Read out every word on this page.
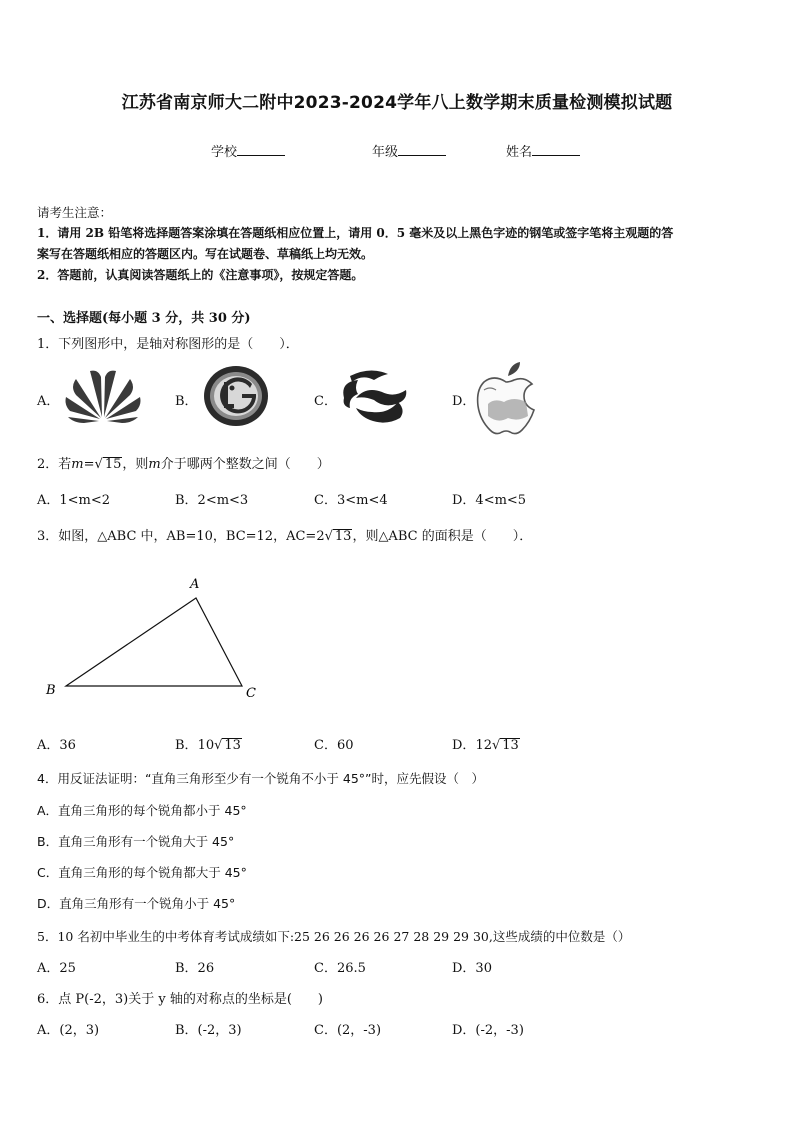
江苏省南京师大二附中2023-2024学年八上数学期末质量检测模拟试题
学校	年级	姓名
请考生注意：
1．请用 2B 铅笔将选择题答案涂填在答题纸相应位置上，请用 0．5 毫米及以上黑色字迹的钢笔或签字笔将主观题的答
案写在答题纸相应的答题区内。写在试题卷、草稿纸上均无效。
2．答题前，认真阅读答题纸上的《注意事项》，按规定答题。
一、选择题(每小题 3 分，共 30 分)
1．下列图形中，是轴对称图形的是（　　）．
A．	B．	C．	D．
2．若m=√ 15，则m介于哪两个整数之间（　　）
A．1<m<2	B．2<m<3	C．3<m<4	D．4<m<5
3．如图，△ABC 中，AB=10，BC=12，AC=2√ 13，则△ABC 的面积是（　　）．
A
B	C
A．36	B．10√ 13	C．60	D．12√ 13
4．用反证法证明：“直角三角形至少有一个锐角不小于 45°”时，应先假设（　）
A．直角三角形的每个锐角都小于 45°
B．直角三角形有一个锐角大于 45°
C．直角三角形的每个锐角都大于 45°
D．直角三角形有一个锐角小于 45°
5．10 名初中毕业生的中考体育考试成绩如下:25 26 26 26 26 27 28 29 29 30,这些成绩的中位数是（）
A．25	B．26	C．26.5	D．30
6．点 P(-2，3)关于 y 轴的对称点的坐标是(　　)
A．(2，3)	B．(-2，3)	C．(2，-3)	D．(-2，-3)
